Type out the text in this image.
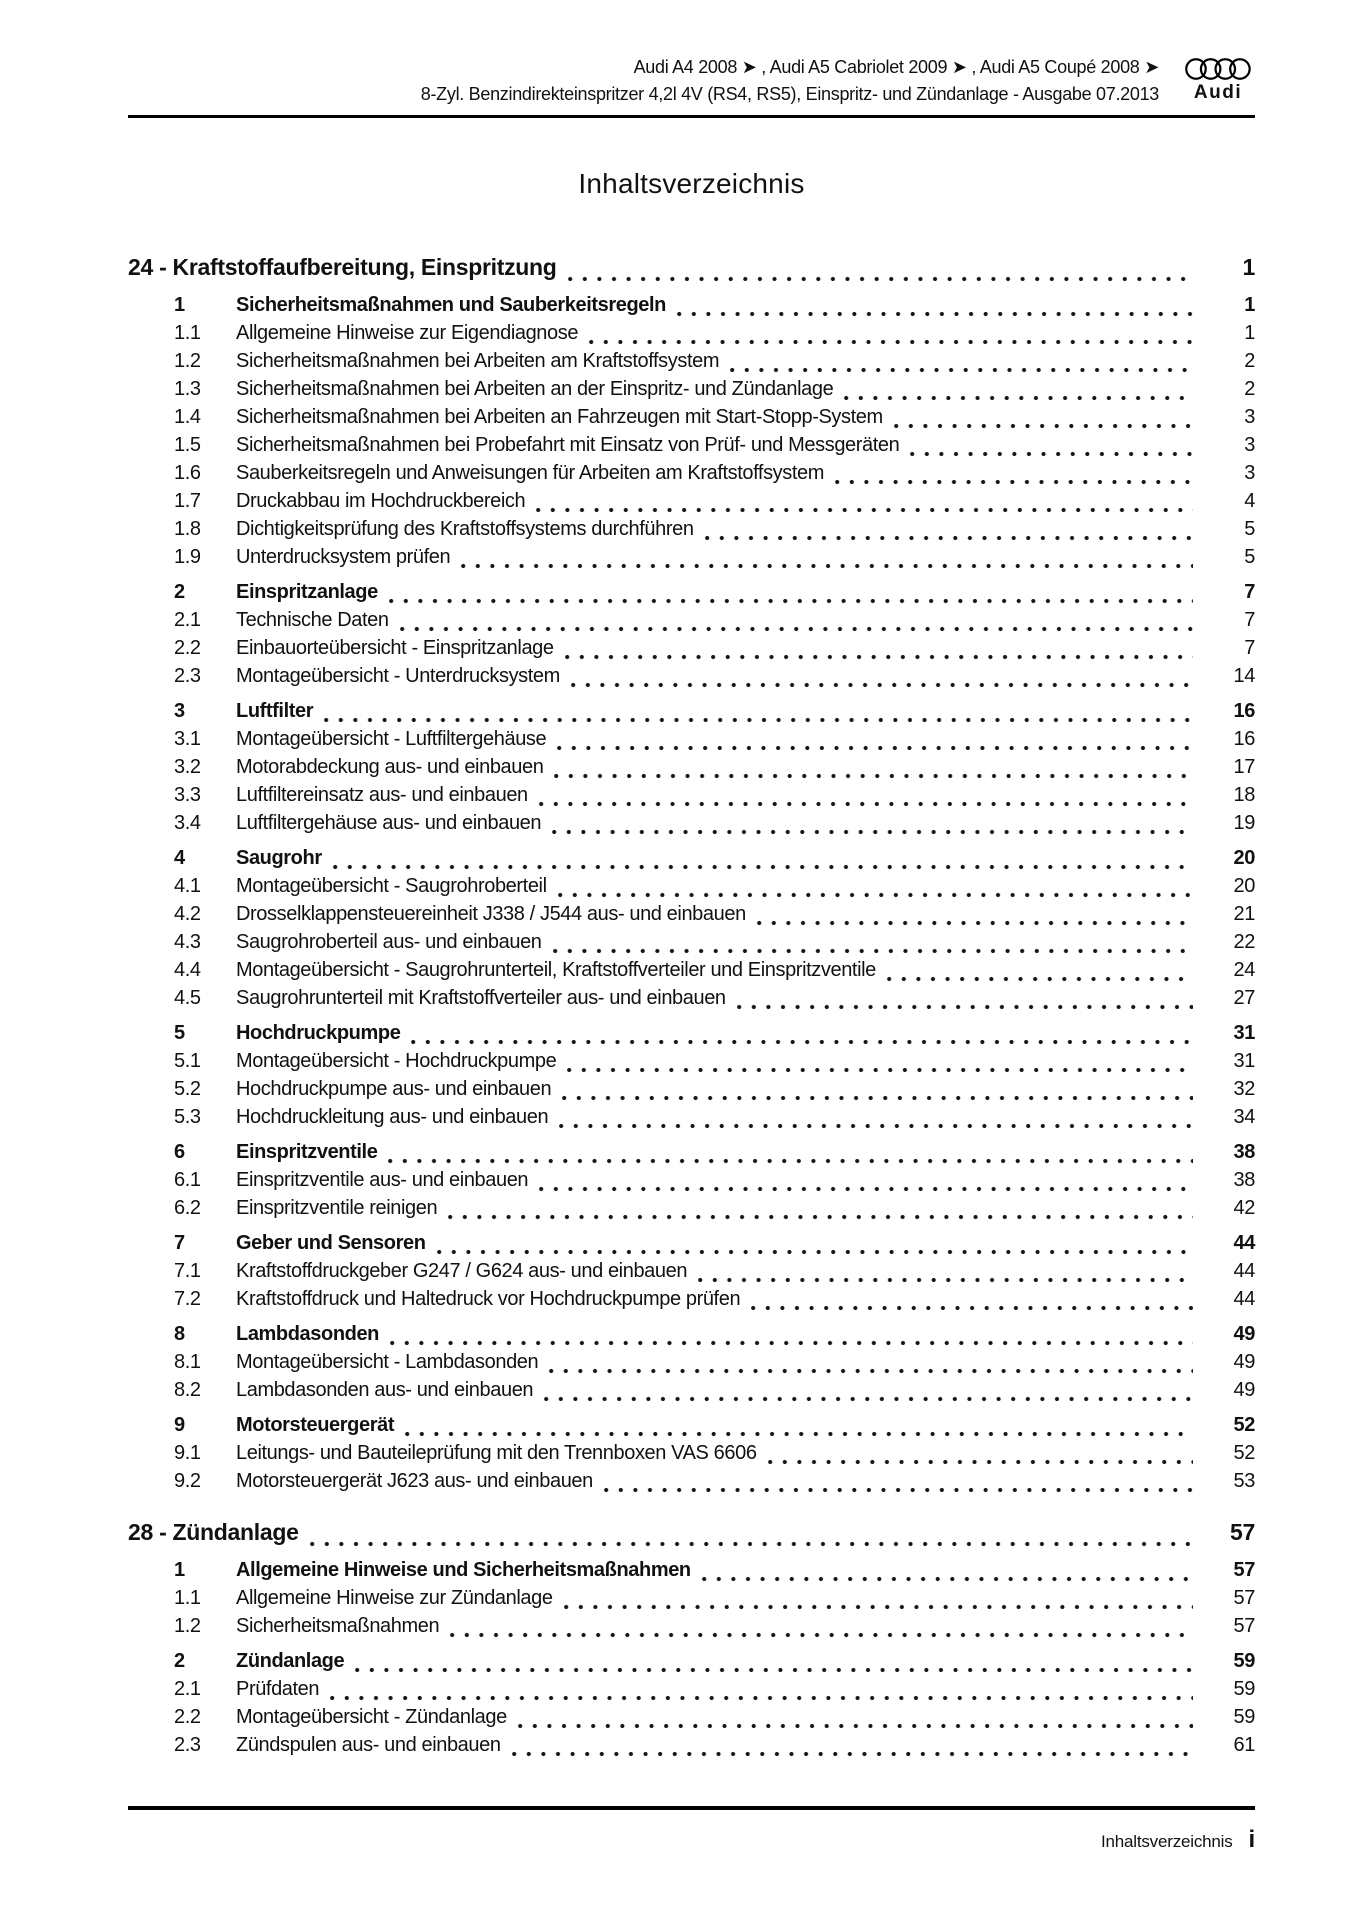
Audi A4 2008 ➤ , Audi A5 Cabriolet 2009 ➤ , Audi A5 Coupé 2008 ➤
8-Zyl. Benzindirekteinspritzer 4,2l 4V (RS4, RS5), Einspritz- und Zündanlage - Ausgabe 07.2013	Audi
Inhaltsverzeichnis
24 - Kraftstoffaufbereitung, Einspritzung	1
1	Sicherheitsmaßnahmen und Sauberkeitsregeln	1
1.1	Allgemeine Hinweise zur Eigendiagnose	1
1.2	Sicherheitsmaßnahmen bei Arbeiten am Kraftstoffsystem	2
1.3	Sicherheitsmaßnahmen bei Arbeiten an der Einspritz- und Zündanlage	2
1.4	Sicherheitsmaßnahmen bei Arbeiten an Fahrzeugen mit Start-Stopp-System	3
1.5	Sicherheitsmaßnahmen bei Probefahrt mit Einsatz von Prüf- und Messgeräten	3
1.6	Sauberkeitsregeln und Anweisungen für Arbeiten am Kraftstoffsystem	3
1.7	Druckabbau im Hochdruckbereich	4
1.8	Dichtigkeitsprüfung des Kraftstoffsystems durchführen	5
1.9	Unterdrucksystem prüfen	5
2	Einspritzanlage	7
2.1	Technische Daten	7
2.2	Einbauorteübersicht - Einspritzanlage	7
2.3	Montageübersicht - Unterdrucksystem	14
3	Luftfilter	16
3.1	Montageübersicht - Luftfiltergehäuse	16
3.2	Motorabdeckung aus- und einbauen	17
3.3	Luftfiltereinsatz aus- und einbauen	18
3.4	Luftfiltergehäuse aus- und einbauen	19
4	Saugrohr	20
4.1	Montageübersicht - Saugrohroberteil	20
4.2	Drosselklappensteuereinheit J338 / J544 aus- und einbauen	21
4.3	Saugrohroberteil aus- und einbauen	22
4.4	Montageübersicht - Saugrohrunterteil, Kraftstoffverteiler und Einspritzventile	24
4.5	Saugrohrunterteil mit Kraftstoffverteiler aus- und einbauen	27
5	Hochdruckpumpe	31
5.1	Montageübersicht - Hochdruckpumpe	31
5.2	Hochdruckpumpe aus- und einbauen	32
5.3	Hochdruckleitung aus- und einbauen	34
6	Einspritzventile	38
6.1	Einspritzventile aus- und einbauen	38
6.2	Einspritzventile reinigen	42
7	Geber und Sensoren	44
7.1	Kraftstoffdruckgeber G247 / G624 aus- und einbauen	44
7.2	Kraftstoffdruck und Haltedruck vor Hochdruckpumpe prüfen	44
8	Lambdasonden	49
8.1	Montageübersicht - Lambdasonden	49
8.2	Lambdasonden aus- und einbauen	49
9	Motorsteuergerät	52
9.1	Leitungs- und Bauteileprüfung mit den Trennboxen VAS 6606	52
9.2	Motorsteuergerät J623 aus- und einbauen	53
28 - Zündanlage	57
1	Allgemeine Hinweise und Sicherheitsmaßnahmen	57
1.1	Allgemeine Hinweise zur Zündanlage	57
1.2	Sicherheitsmaßnahmen	57
2	Zündanlage	59
2.1	Prüfdaten	59
2.2	Montageübersicht - Zündanlage	59
2.3	Zündspulen aus- und einbauen	61
Inhaltsverzeichnis i
